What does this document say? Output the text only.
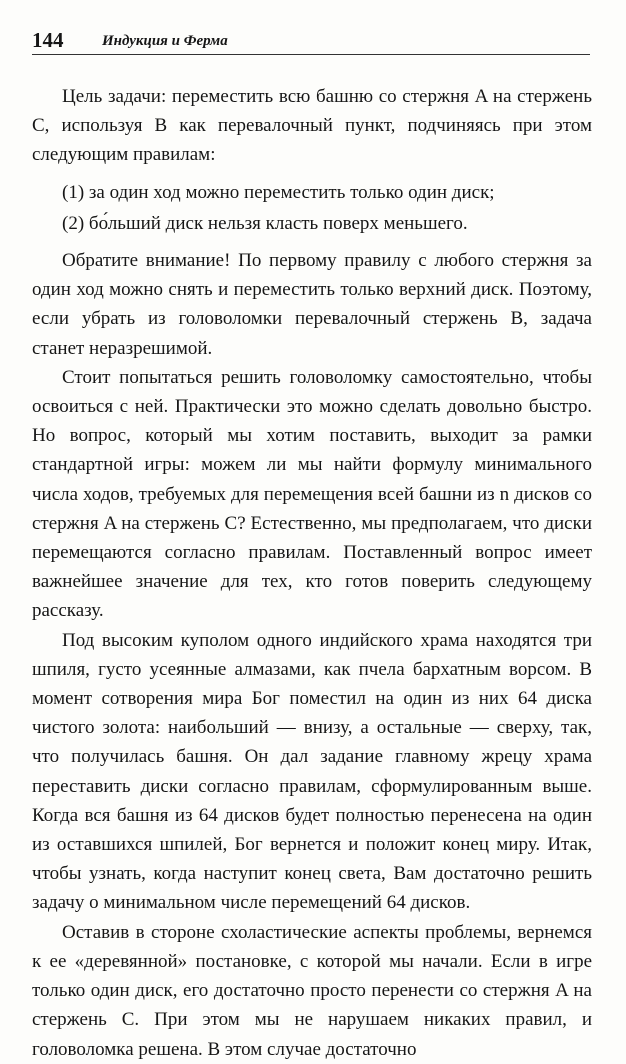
144	Индукция и Ферма

Цель задачи: переместить всю башню со стержня A на стержень C, используя B как перевалочный пункт, подчиняясь при этом следующим правилам:

(1) за один ход можно переместить только один диск;

(2) бо́льший диск нельзя класть поверх меньшего.

Обратите внимание! По первому правилу с любого стержня за один ход можно снять и переместить только верхний диск. Поэтому, если убрать из головоломки перевалочный стержень B, задача станет неразрешимой.

Стоит попытаться решить головоломку самостоятельно, чтобы освоиться с ней. Практически это можно сделать довольно быстро. Но вопрос, который мы хотим поставить, выходит за рамки стандартной игры: можем ли мы найти формулу минимального числа ходов, требуемых для перемещения всей башни из n дисков со стержня A на стержень C? Естественно, мы предполагаем, что диски перемещаются согласно правилам. Поставленный вопрос имеет важнейшее значение для тех, кто готов поверить следующему рассказу.

Под высоким куполом одного индийского храма находятся три шпиля, густо усеянные алмазами, как пчела бархатным ворсом. В момент сотворения мира Бог поместил на один из них 64 диска чистого золота: наибольший — внизу, а остальные — сверху, так, что получилась башня. Он дал задание главному жрецу храма переставить диски согласно правилам, сформулированным выше. Когда вся башня из 64 дисков будет полностью перенесена на один из оставшихся шпилей, Бог вернется и положит конец миру. Итак, чтобы узнать, когда наступит конец света, Вам достаточно решить задачу о минимальном числе перемещений 64 дисков.

Оставив в стороне схоластические аспекты проблемы, вернемся к ее «деревянной» постановке, с которой мы начали. Если в игре только один диск, его достаточно просто перенести со стержня A на стержень C. При этом мы не нарушаем никаких правил, и головоломка решена. В этом случае достаточно
